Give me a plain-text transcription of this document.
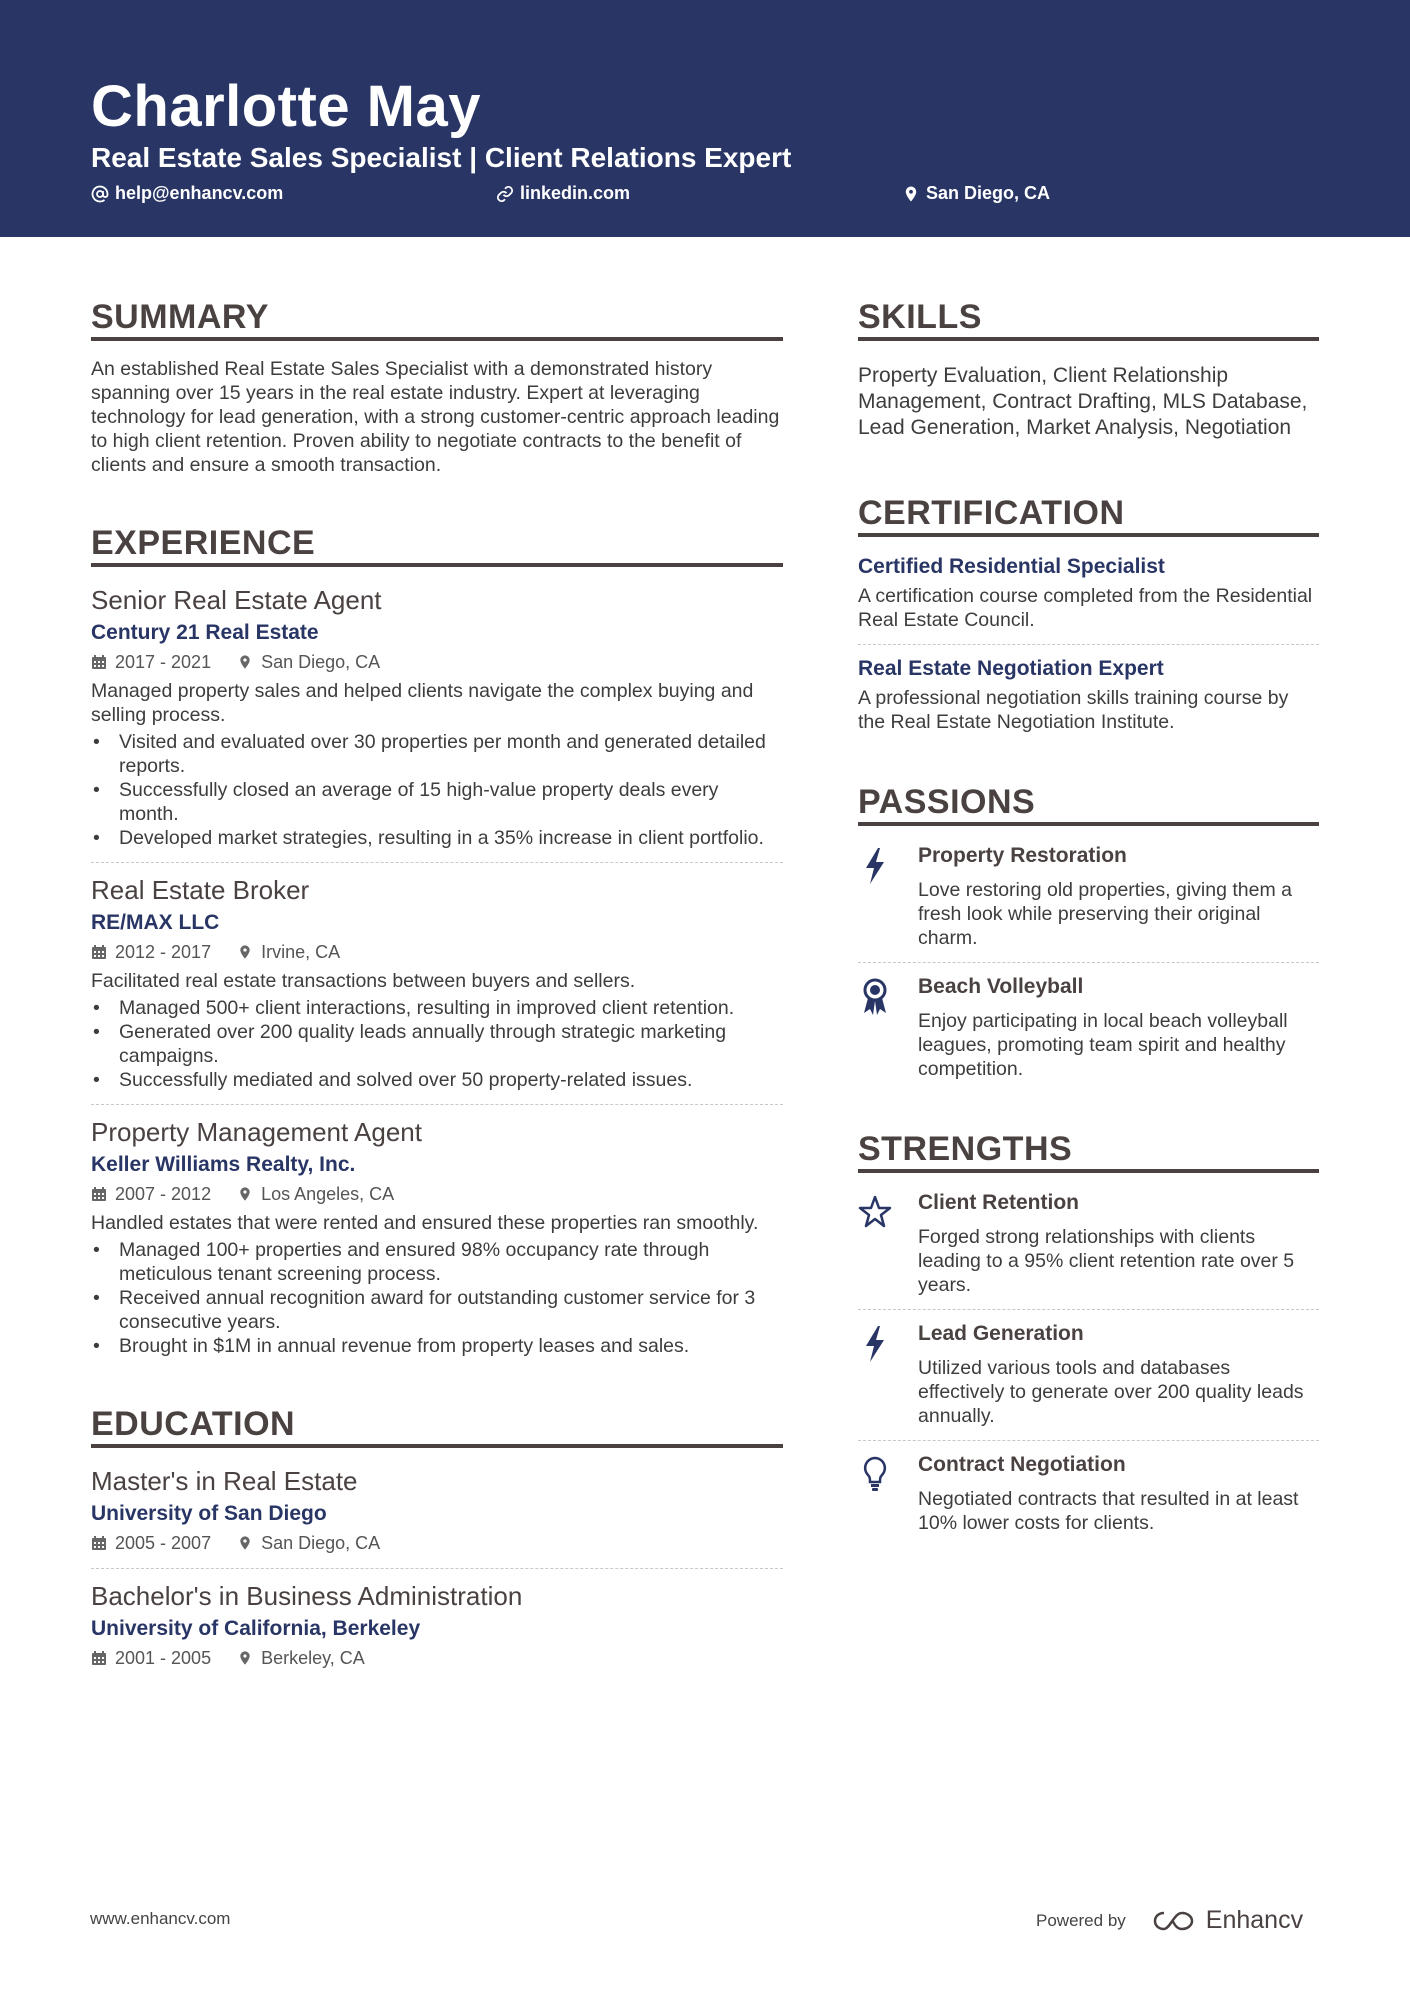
Charlotte May
Real Estate Sales Specialist | Client Relations Expert
help@enhancv.com	linkedin.com	San Diego, CA
SUMMARY
An established Real Estate Sales Specialist with a demonstrated history spanning over 15 years in the real estate industry. Expert at leveraging technology for lead generation, with a strong customer-centric approach leading to high client retention. Proven ability to negotiate contracts to the benefit of clients and ensure a smooth transaction.
EXPERIENCE
Senior Real Estate Agent
Century 21 Real Estate
2017 - 2021	San Diego, CA
Managed property sales and helped clients navigate the complex buying and selling process.
• Visited and evaluated over 30 properties per month and generated detailed reports.
• Successfully closed an average of 15 high-value property deals every month.
• Developed market strategies, resulting in a 35% increase in client portfolio.
Real Estate Broker
RE/MAX LLC
2012 - 2017	Irvine, CA
Facilitated real estate transactions between buyers and sellers.
• Managed 500+ client interactions, resulting in improved client retention.
• Generated over 200 quality leads annually through strategic marketing campaigns.
• Successfully mediated and solved over 50 property-related issues.
Property Management Agent
Keller Williams Realty, Inc.
2007 - 2012	Los Angeles, CA
Handled estates that were rented and ensured these properties ran smoothly.
• Managed 100+ properties and ensured 98% occupancy rate through meticulous tenant screening process.
• Received annual recognition award for outstanding customer service for 3 consecutive years.
• Brought in $1M in annual revenue from property leases and sales.
EDUCATION
Master's in Real Estate
University of San Diego
2005 - 2007	San Diego, CA
Bachelor's in Business Administration
University of California, Berkeley
2001 - 2005	Berkeley, CA
SKILLS
Property Evaluation, Client Relationship Management, Contract Drafting, MLS Database, Lead Generation, Market Analysis, Negotiation
CERTIFICATION
Certified Residential Specialist
A certification course completed from the Residential Real Estate Council.
Real Estate Negotiation Expert
A professional negotiation skills training course by the Real Estate Negotiation Institute.
PASSIONS
Property Restoration
Love restoring old properties, giving them a fresh look while preserving their original charm.
Beach Volleyball
Enjoy participating in local beach volleyball leagues, promoting team spirit and healthy competition.
STRENGTHS
Client Retention
Forged strong relationships with clients leading to a 95% client retention rate over 5 years.
Lead Generation
Utilized various tools and databases effectively to generate over 200 quality leads annually.
Contract Negotiation
Negotiated contracts that resulted in at least 10% lower costs for clients.
www.enhancv.com	Powered by	Enhancv
